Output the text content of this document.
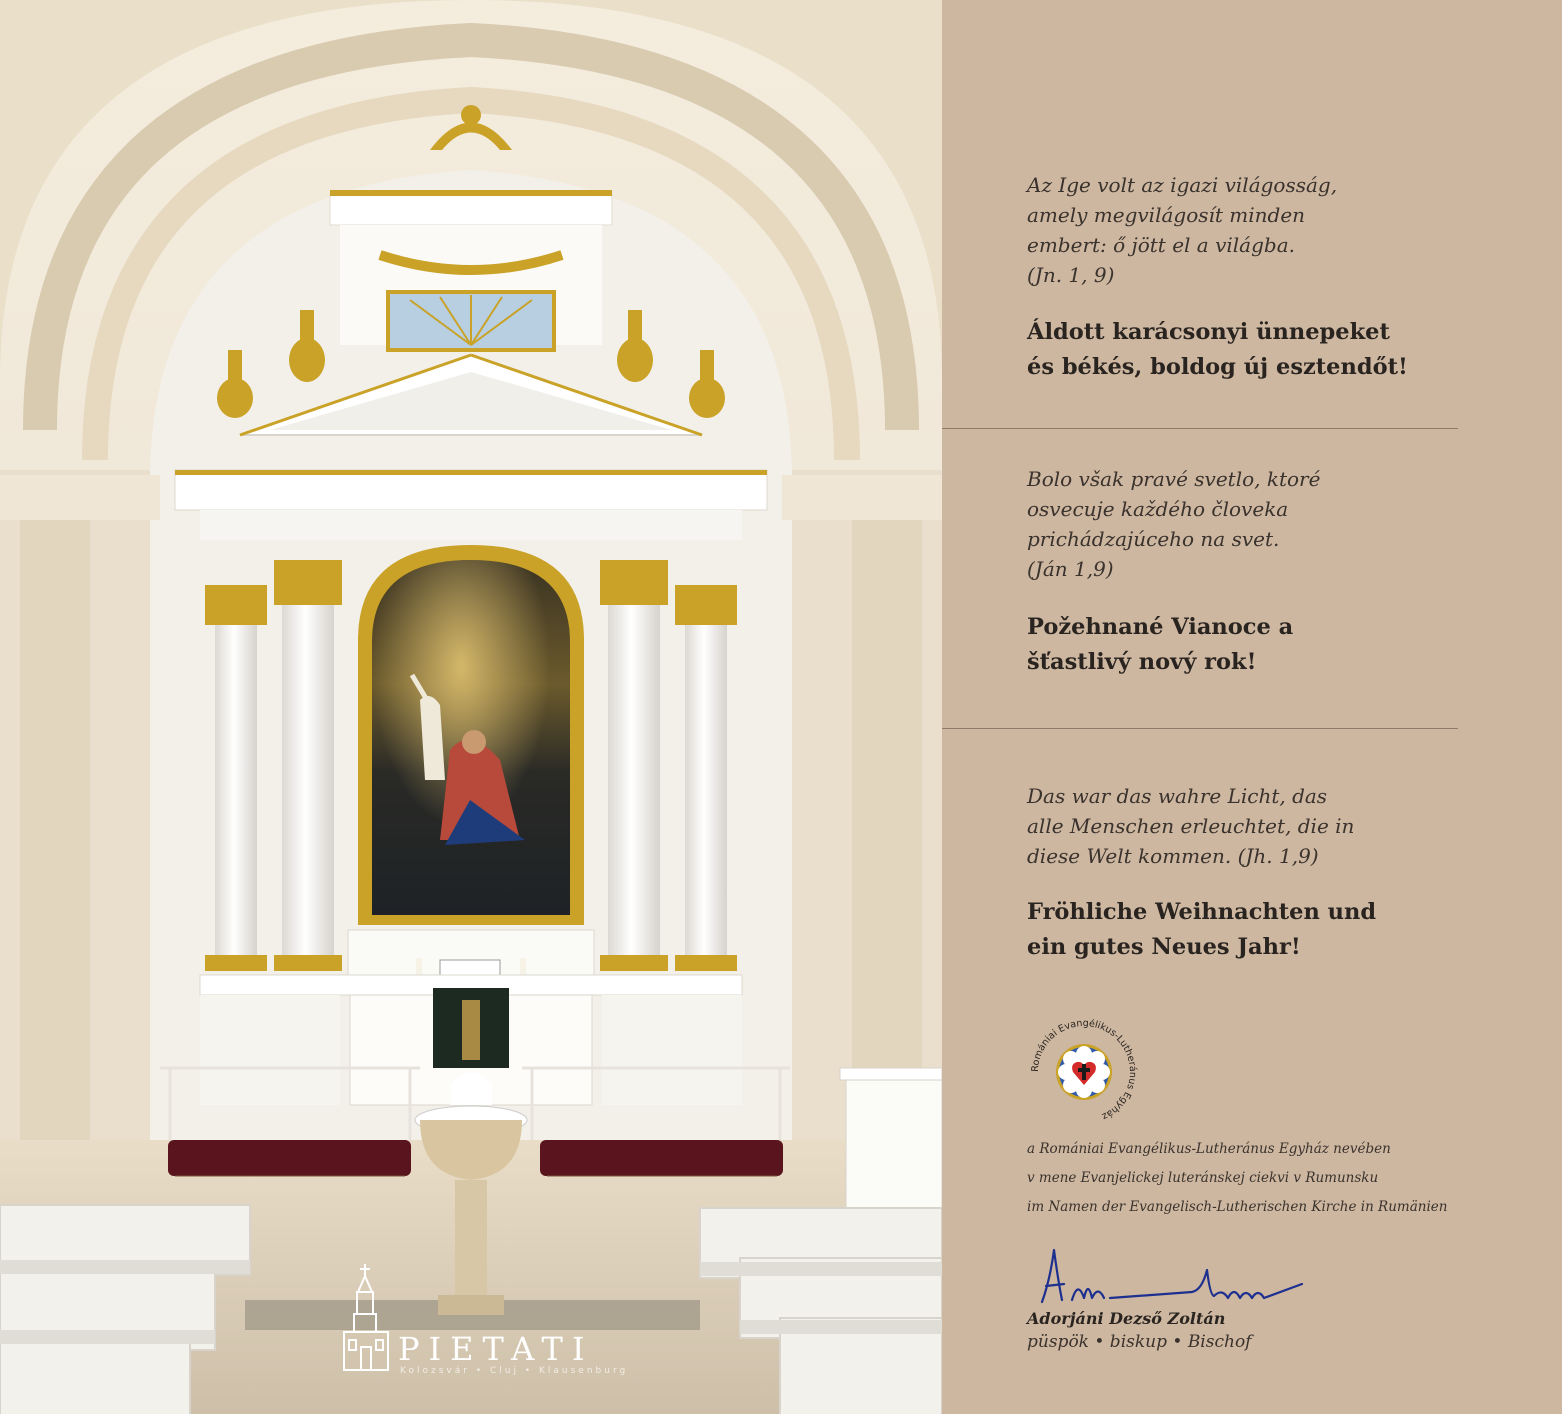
PIETATI
Kolozsvár • Cluj • Klausenburg
Az Ige volt az igazi világosság,
amely megvilágosít minden
embert: ő jött el a világba.
(Jn. 1, 9)
Áldott karácsonyi ünnepeket
és békés, boldog új esztendőt!
Bolo však pravé svetlo, ktoré
osvecuje každého človeka
prichádzajúceho na svet.
(Ján 1,9)
Požehnané Vianoce a
šťastlivý nový rok!
Das war das wahre Licht, das
alle Menschen erleuchtet, die in
diese Welt kommen. (Jh. 1,9)
Fröhliche Weihnachten und
ein gutes Neues Jahr!
Romániai Evangélikus-Lutheránus Egyház
a Romániai Evangélikus-Lutheránus Egyház nevében
v mene Evanjelickej luteránskej ciekvi v Rumunsku
im Namen der Evangelisch-Lutherischen Kirche in Rumänien
Adorjáni Dezső Zoltán
püspök • biskup • Bischof
